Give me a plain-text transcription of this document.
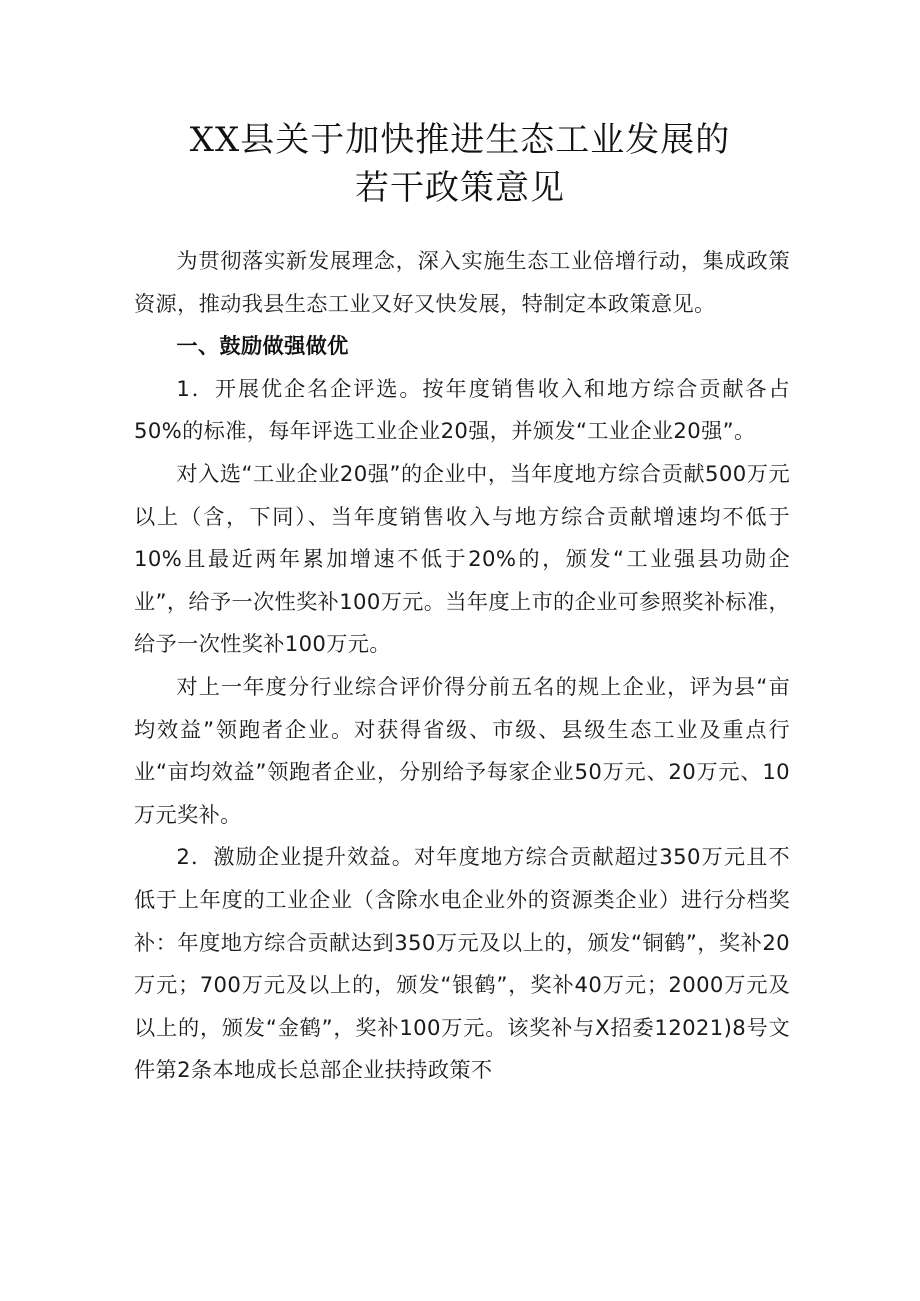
XX县关于加快推进生态工业发展的
若干政策意见

为贯彻落实新发展理念，深入实施生态工业倍增行动，集成政策资源，推动我县生态工业又好又快发展，特制定本政策意见。

一、鼓励做强做优

1．开展优企名企评选。按年度销售收入和地方综合贡献各占50%的标准，每年评选工业企业20强，并颁发“工业企业20强”。

对入选“工业企业20强”的企业中，当年度地方综合贡献500万元以上（含，下同）、当年度销售收入与地方综合贡献增速均不低于10%且最近两年累加增速不低于20%的，颁发“工业强县功勋企业”，给予一次性奖补100万元。当年度上市的企业可参照奖补标准，给予一次性奖补100万元。

对上一年度分行业综合评价得分前五名的规上企业，评为县“亩均效益”领跑者企业。对获得省级、市级、县级生态工业及重点行业“亩均效益”领跑者企业，分别给予每家企业50万元、20万元、10万元奖补。

2．激励企业提升效益。对年度地方综合贡献超过350万元且不低于上年度的工业企业（含除水电企业外的资源类企业）进行分档奖补：年度地方综合贡献达到350万元及以上的，颁发“铜鹤”，奖补20万元；700万元及以上的，颁发“银鹤”，奖补40万元；2000万元及以上的，颁发“金鹤”，奖补100万元。该奖补与X招委12021)8号文件第2条本地成长总部企业扶持政策不
